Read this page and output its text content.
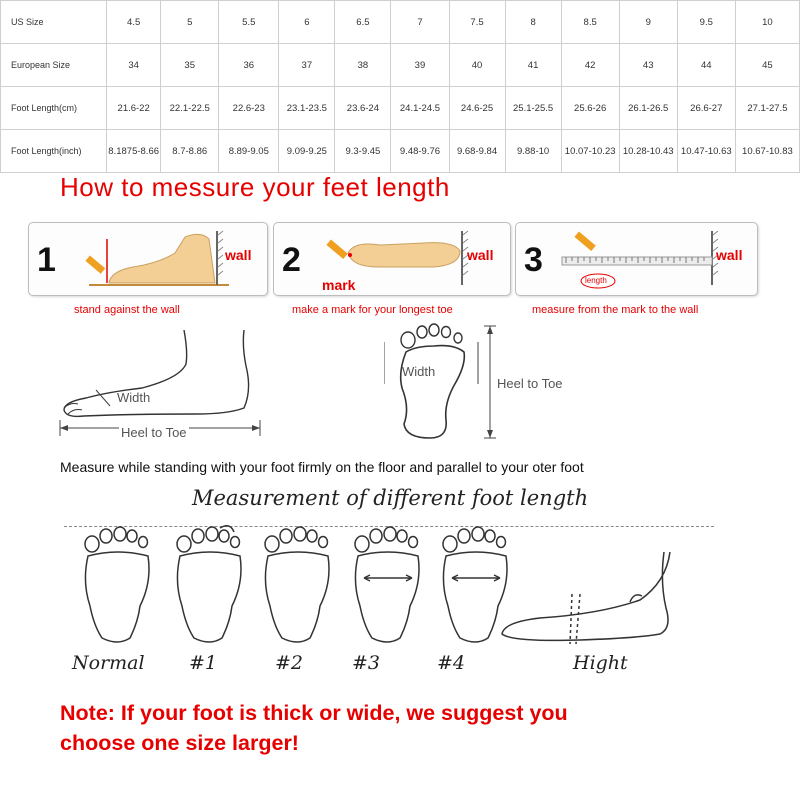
US Size	4.5	5	5.5	6	6.5	7	7.5	8	8.5	9	9.5	10
European Size	34	35	36	37	38	39	40	41	42	43	44	45
Foot Length(cm)	21.6-22	22.1-22.5	22.6-23	23.1-23.5	23.6-24	24.1-24.5	24.6-25	25.1-25.5	25.6-26	26.1-26.5	26.6-27	27.1-27.5
Foot Length(inch)	8.1875-8.66	8.7-8.86	8.89-9.05	9.09-9.25	9.3-9.45	9.48-9.76	9.68-9.84	9.88-10	10.07-10.23	10.28-10.43	10.47-10.63	10.67-10.83
How to messure your feet length
1	wall
stand against the wall
2	wall
mark
make a mark for your longest toe
3	wall
length
measure from the mark to the wall
Width
Heel to Toe
Width
Heel to Toe
Measure while standing with your foot firmly on the floor and parallel to your oter foot
Measurement of different foot length
Normal #1	#2	#3	#4	Hight
Note: If your foot is thick or wide, we suggest you
choose one size larger!
